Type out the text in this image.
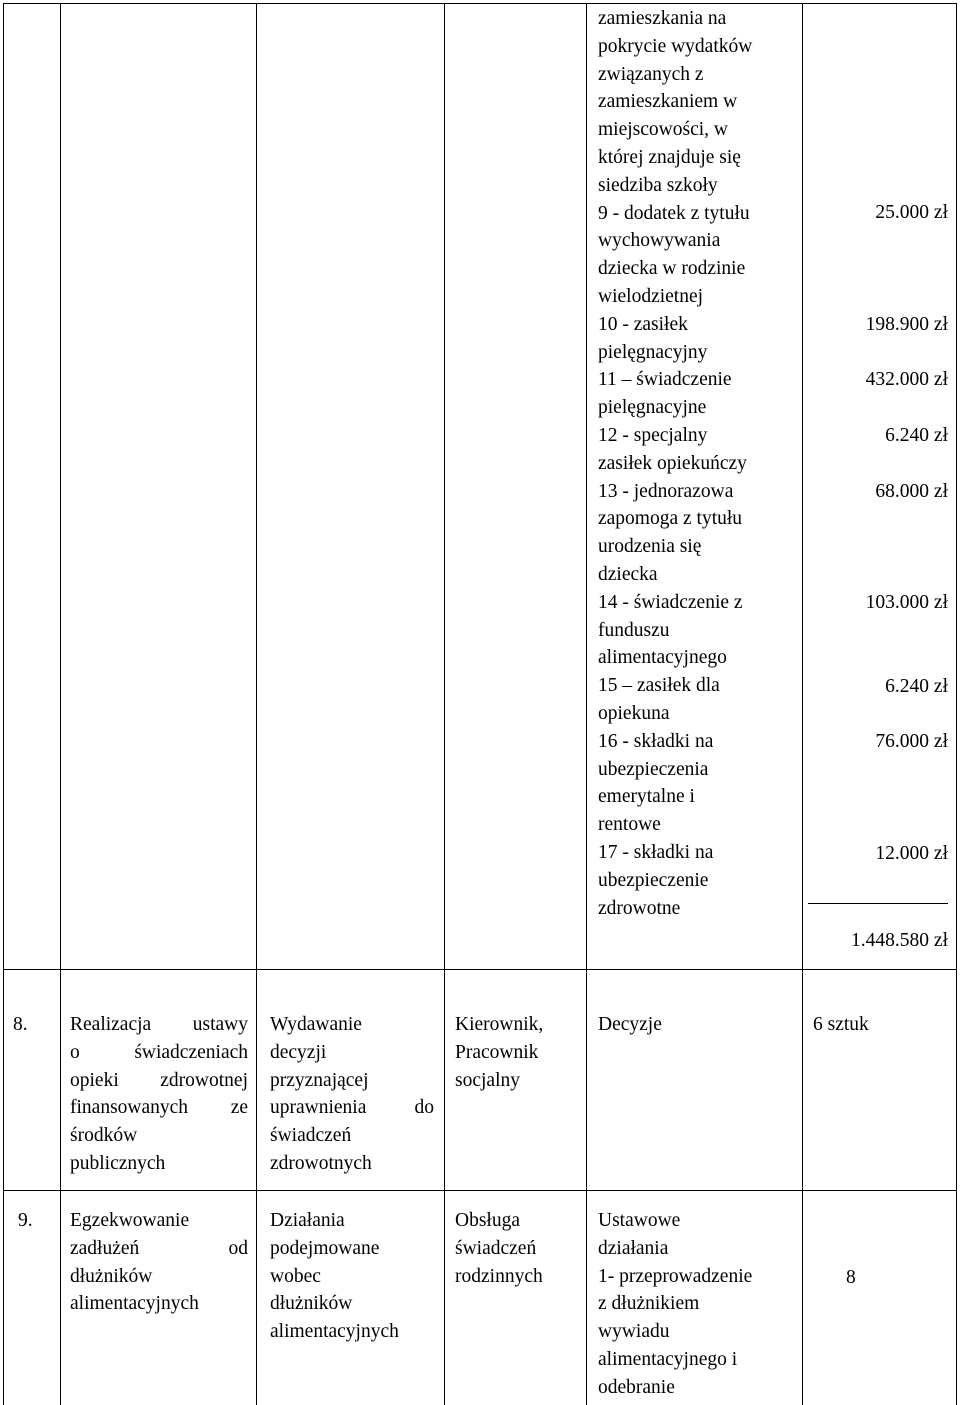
zamieszkania na
pokrycie wydatków
związanych z
zamieszkaniem w
miejscowości, w
której znajduje się
siedziba szkoły
9 - dodatek z tytułu
wychowywania
dziecka w rodzinie
wielodzietnej
10 - zasiłek
pielęgnacyjny
11 – świadczenie
pielęgnacyjne
12 - specjalny
zasiłek opiekuńczy
13 - jednorazowa
zapomoga z tytułu
urodzenia się
dziecka
14 - świadczenie z
funduszu
alimentacyjnego
15 – zasiłek dla
opiekuna
16 - składki na
ubezpieczenia
emerytalne i
rentowe
17 - składki na
ubezpieczenie
zdrowotne
25.000 zł
198.900 zł
432.000 zł
6.240 zł
68.000 zł
103.000 zł
6.240 zł
76.000 zł
12.000 zł
1.448.580 zł
8. Realizacja ustawy
o świadczeniach
opieki zdrowotnej
finansowanych ze
środków
publicznych
Wydawanie
decyzji
przyznającej
uprawnienia do
świadczeń
zdrowotnych
Kierownik,
Pracownik
socjalny
Decyzje	6 sztuk
9. Egzekwowanie
zadłużeń od
dłużników
alimentacyjnych
Działania
podejmowane
wobec
dłużników
alimentacyjnych
Obsługa
świadczeń
rodzinnych
Ustawowe
działania
1- przeprowadzenie
z dłużnikiem
wywiadu
alimentacyjnego i
odebranie
8
